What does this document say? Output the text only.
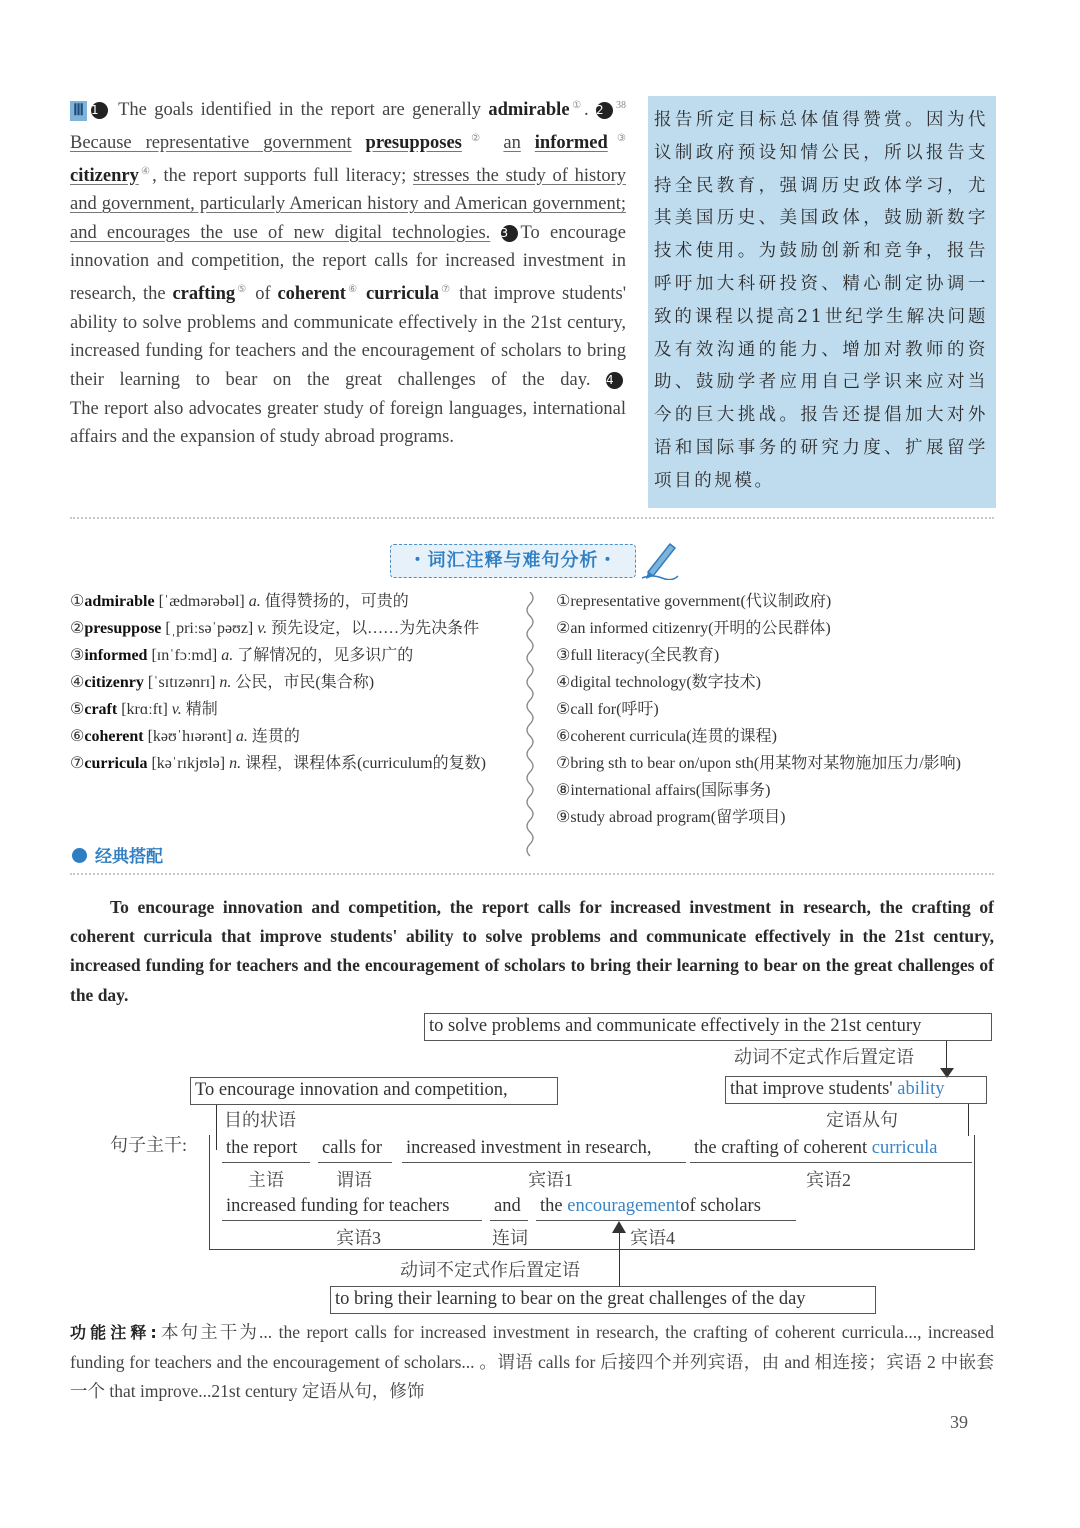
Ⅲ 1 The goals identified in the report are generally admirable①. 2 $^{38}$ Because representative government presupposes② an informed③ citizenry④, the report supports full literacy; stresses the study of history and government, particularly American history and American government; and encourages the use of new digital technologies. 3 To encourage innovation and competition, the report calls for increased investment in research, the crafting⑤ of coherent⑥ curricula⑦ that improve students' ability to solve problems and communicate effectively in the 21st century, increased funding for teachers and the encouragement of scholars to bring their learning to bear on the great challenges of the day. 4
The report also advocates greater study of foreign languages, international affairs and the expansion of study abroad programs.
报告所定目标总体值得赞赏。因为代议制政府预设知情公民，所以报告支持全民教育，强调历史政体学习，尤其美国历史、美国政体，鼓励新数字技术使用。为鼓励创新和竞争，报告呼吁加大科研投资、精心制定协调一致的课程以提高21世纪学生解决问题及有效沟通的能力、增加对教师的资助、鼓励学者应用自己学识来应对当今的巨大挑战。报告还提倡加大对外语和国际事务的研究力度、扩展留学项目的规模。
・词汇注释与难句分析・
①admirable [ˈædmərəbəl] a. 值得赞扬的，可贵的
②presuppose [ˌpriːsəˈpəʊz] v. 预先设定，以……为先决条件
③informed [ɪnˈfɔːmd] a. 了解情况的，见多识广的
④citizenry [ˈsɪtɪzənrɪ] n. 公民，市民(集合称)
⑤craft [krɑːft] v. 精制
⑥coherent [kəʊˈhɪərənt] a. 连贯的
⑦curricula [kəˈrɪkjʊlə] n. 课程，课程体系(curriculum的复数)
①representative government(代议制政府)
②an informed citizenry(开明的公民群体)
③full literacy(全民教育)
④digital technology(数字技术)
⑤call for(呼吁)
⑥coherent curricula(连贯的课程)
⑦bring sth to bear on/upon sth(用某物对某物施加压力/影响)
⑧international affairs(国际事务)
⑨study abroad program(留学项目)
经典搭配
To encourage innovation and competition, the report calls for increased investment in research, the crafting of coherent curricula that improve students' ability to solve problems and communicate effectively in the 21st century, increased funding for teachers and the encouragement of scholars to bring their learning to bear on the great challenges of the day.
to solve problems and communicate effectively in the 21st century
动词不定式作后置定语
To encourage innovation and competition,
目的状语
that improve students' ability
定语从句
句子主干: the report
主语
calls for
谓语
increased investment in research,
宾语1
the crafting of coherent curricula
宾语2
increased funding for teachers
宾语3
and
连词
the encouragementof scholars
宾语4
动词不定式作后置定语
to bring their learning to bear on the great challenges of the day
功能注释:本句主干为... the report calls for increased investment in research, the crafting of coherent curricula..., increased funding for teachers and the encouragement of scholars... 。谓语 calls for 后接四个并列宾语，由 and 相连接；宾语 2 中嵌套一个 that improve...21st century 定语从句，修饰
39
